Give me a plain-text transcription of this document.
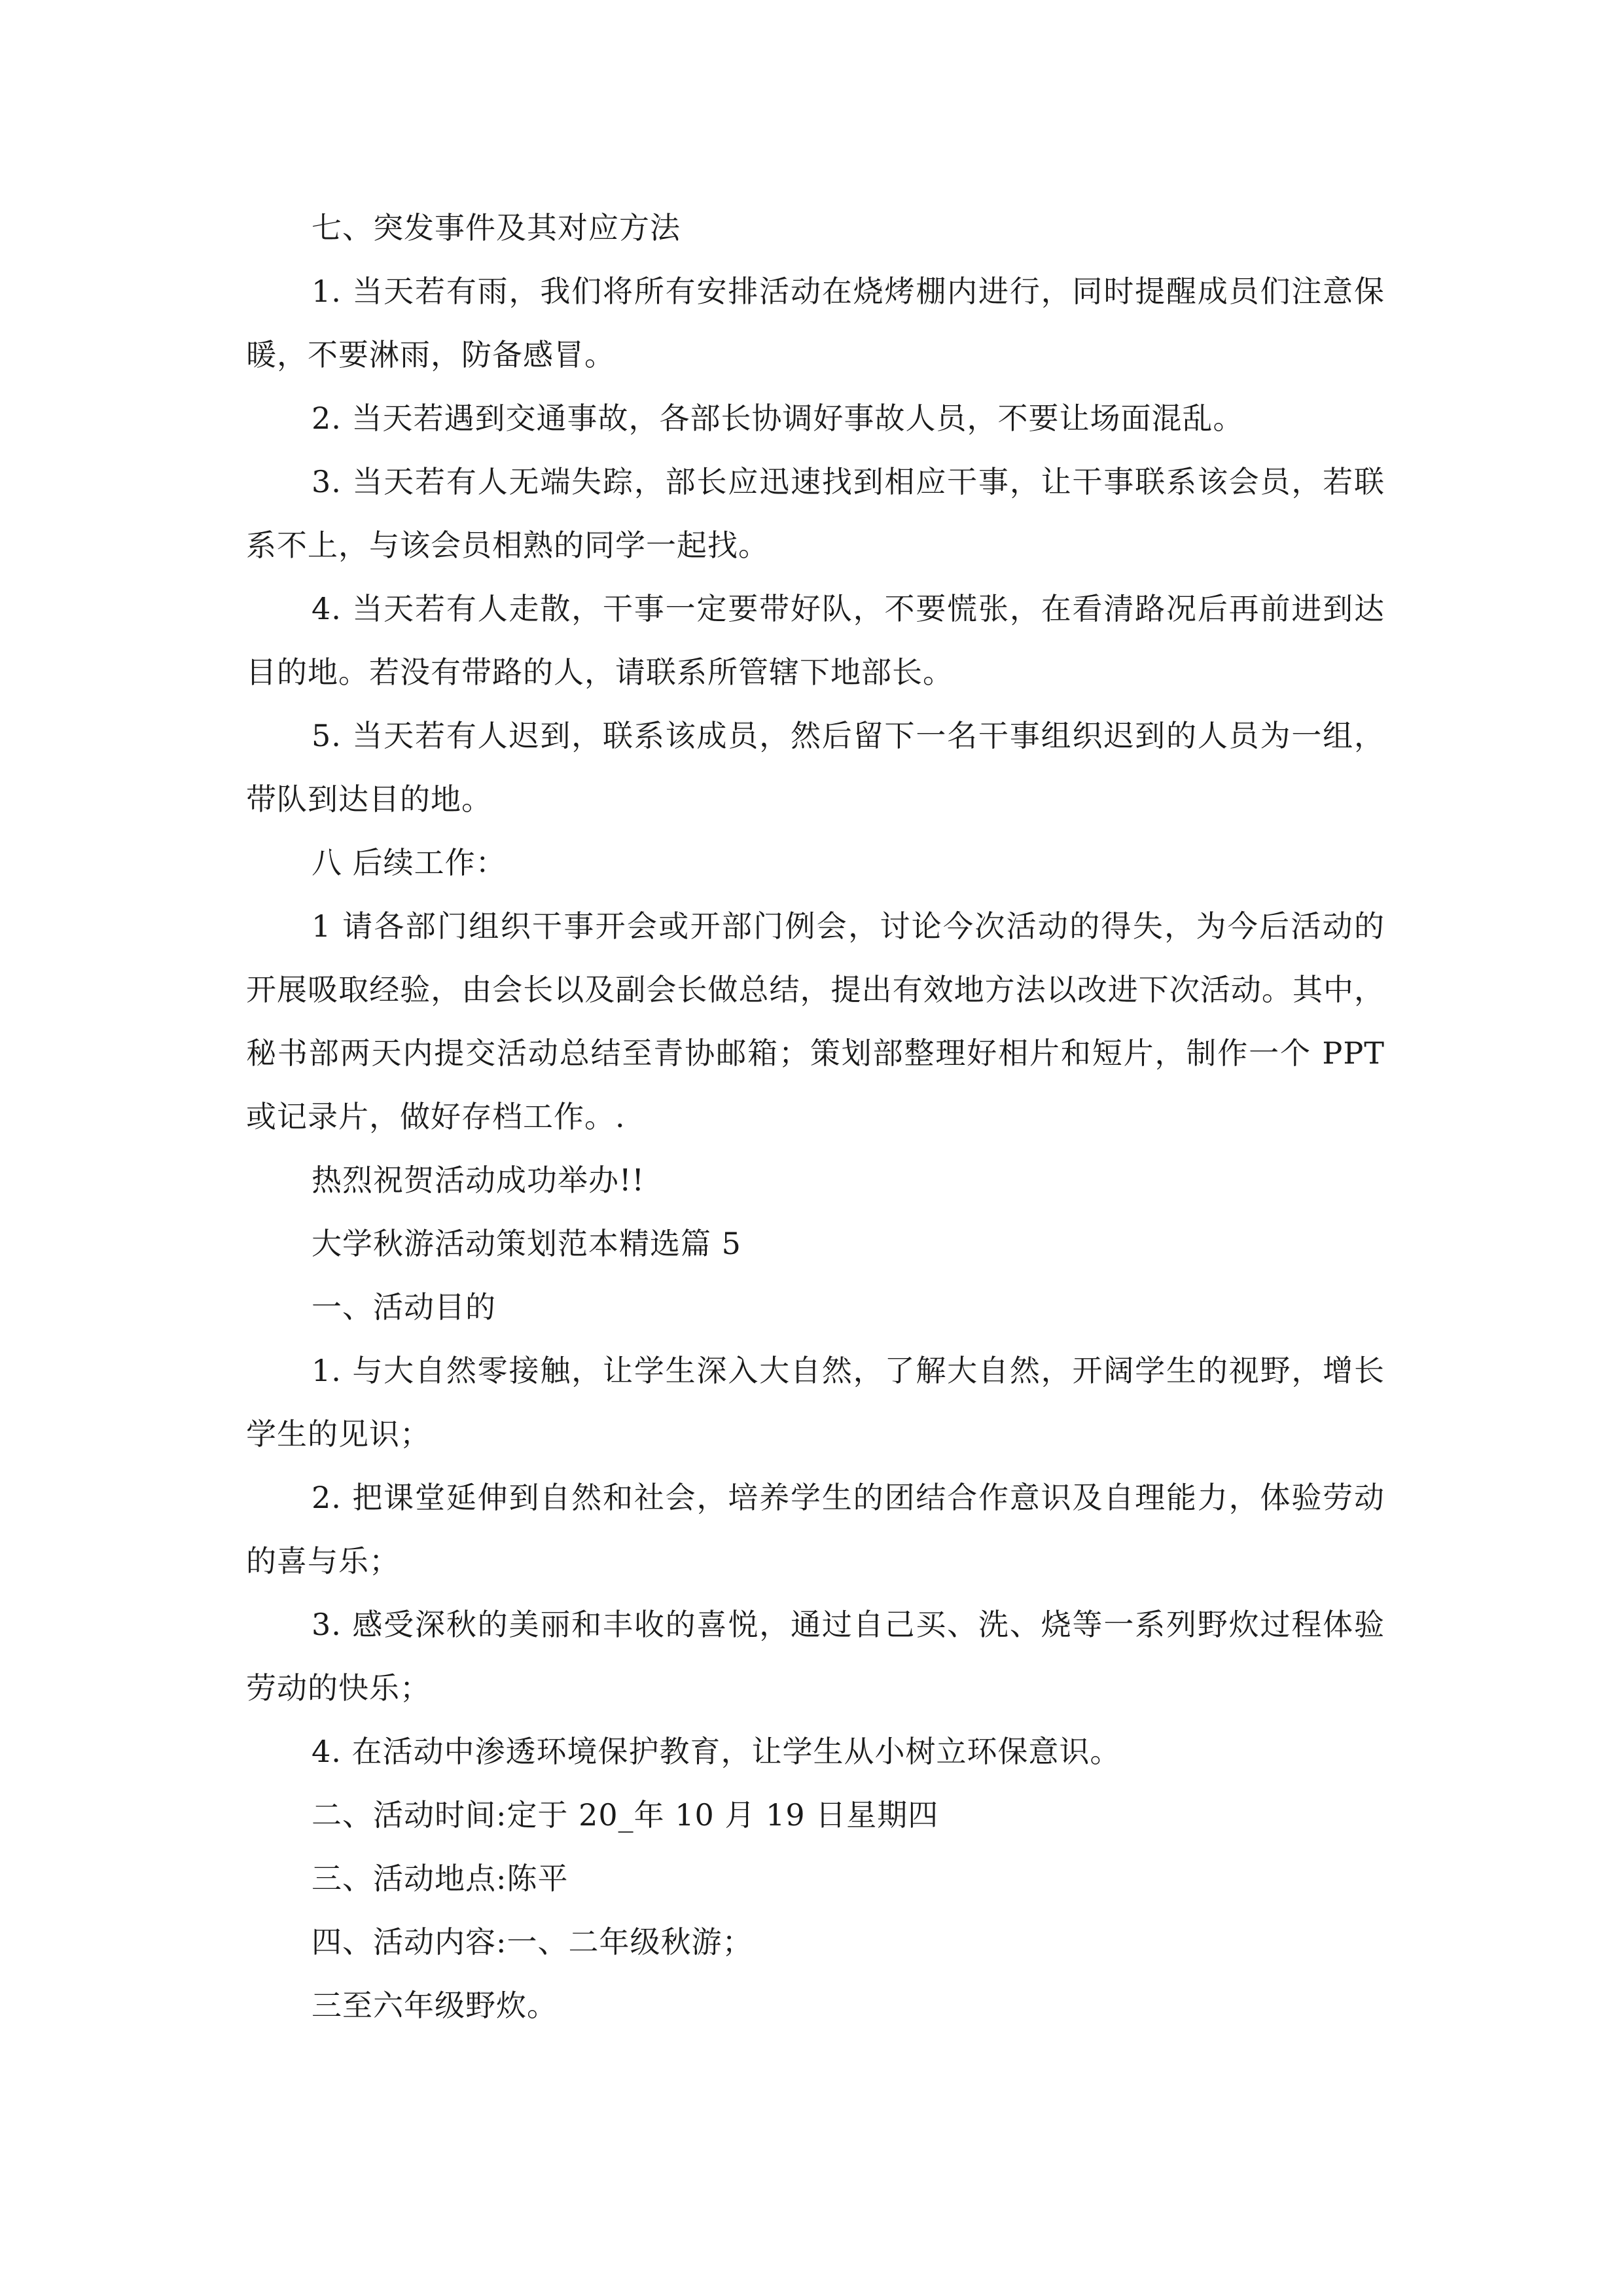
七、突发事件及其对应方法

1. 当天若有雨，我们将所有安排活动在烧烤棚内进行，同时提醒成员们注意保暖，不要淋雨，防备感冒。

2. 当天若遇到交通事故，各部长协调好事故人员，不要让场面混乱。

3. 当天若有人无端失踪，部长应迅速找到相应干事，让干事联系该会员，若联系不上，与该会员相熟的同学一起找。

4. 当天若有人走散，干事一定要带好队，不要慌张，在看清路况后再前进到达目的地。若没有带路的人，请联系所管辖下地部长。

5. 当天若有人迟到，联系该成员，然后留下一名干事组织迟到的人员为一组，带队到达目的地。

八 后续工作：

1 请各部门组织干事开会或开部门例会，讨论今次活动的得失，为今后活动的开展吸取经验，由会长以及副会长做总结，提出有效地方法以改进下次活动。其中，秘书部两天内提交活动总结至青协邮箱；策划部整理好相片和短片，制作一个 PPT 或记录片，做好存档工作。.

热烈祝贺活动成功举办!!

大学秋游活动策划范本精选篇 5

一、活动目的

1. 与大自然零接触，让学生深入大自然，了解大自然，开阔学生的视野，增长学生的见识；

2. 把课堂延伸到自然和社会，培养学生的团结合作意识及自理能力，体验劳动的喜与乐；

3. 感受深秋的美丽和丰收的喜悦，通过自己买、洗、烧等一系列野炊过程体验劳动的快乐；

4. 在活动中渗透环境保护教育，让学生从小树立环保意识。

二、活动时间:定于 20_年 10 月 19 日星期四

三、活动地点:陈平

四、活动内容:一、二年级秋游；

三至六年级野炊。
